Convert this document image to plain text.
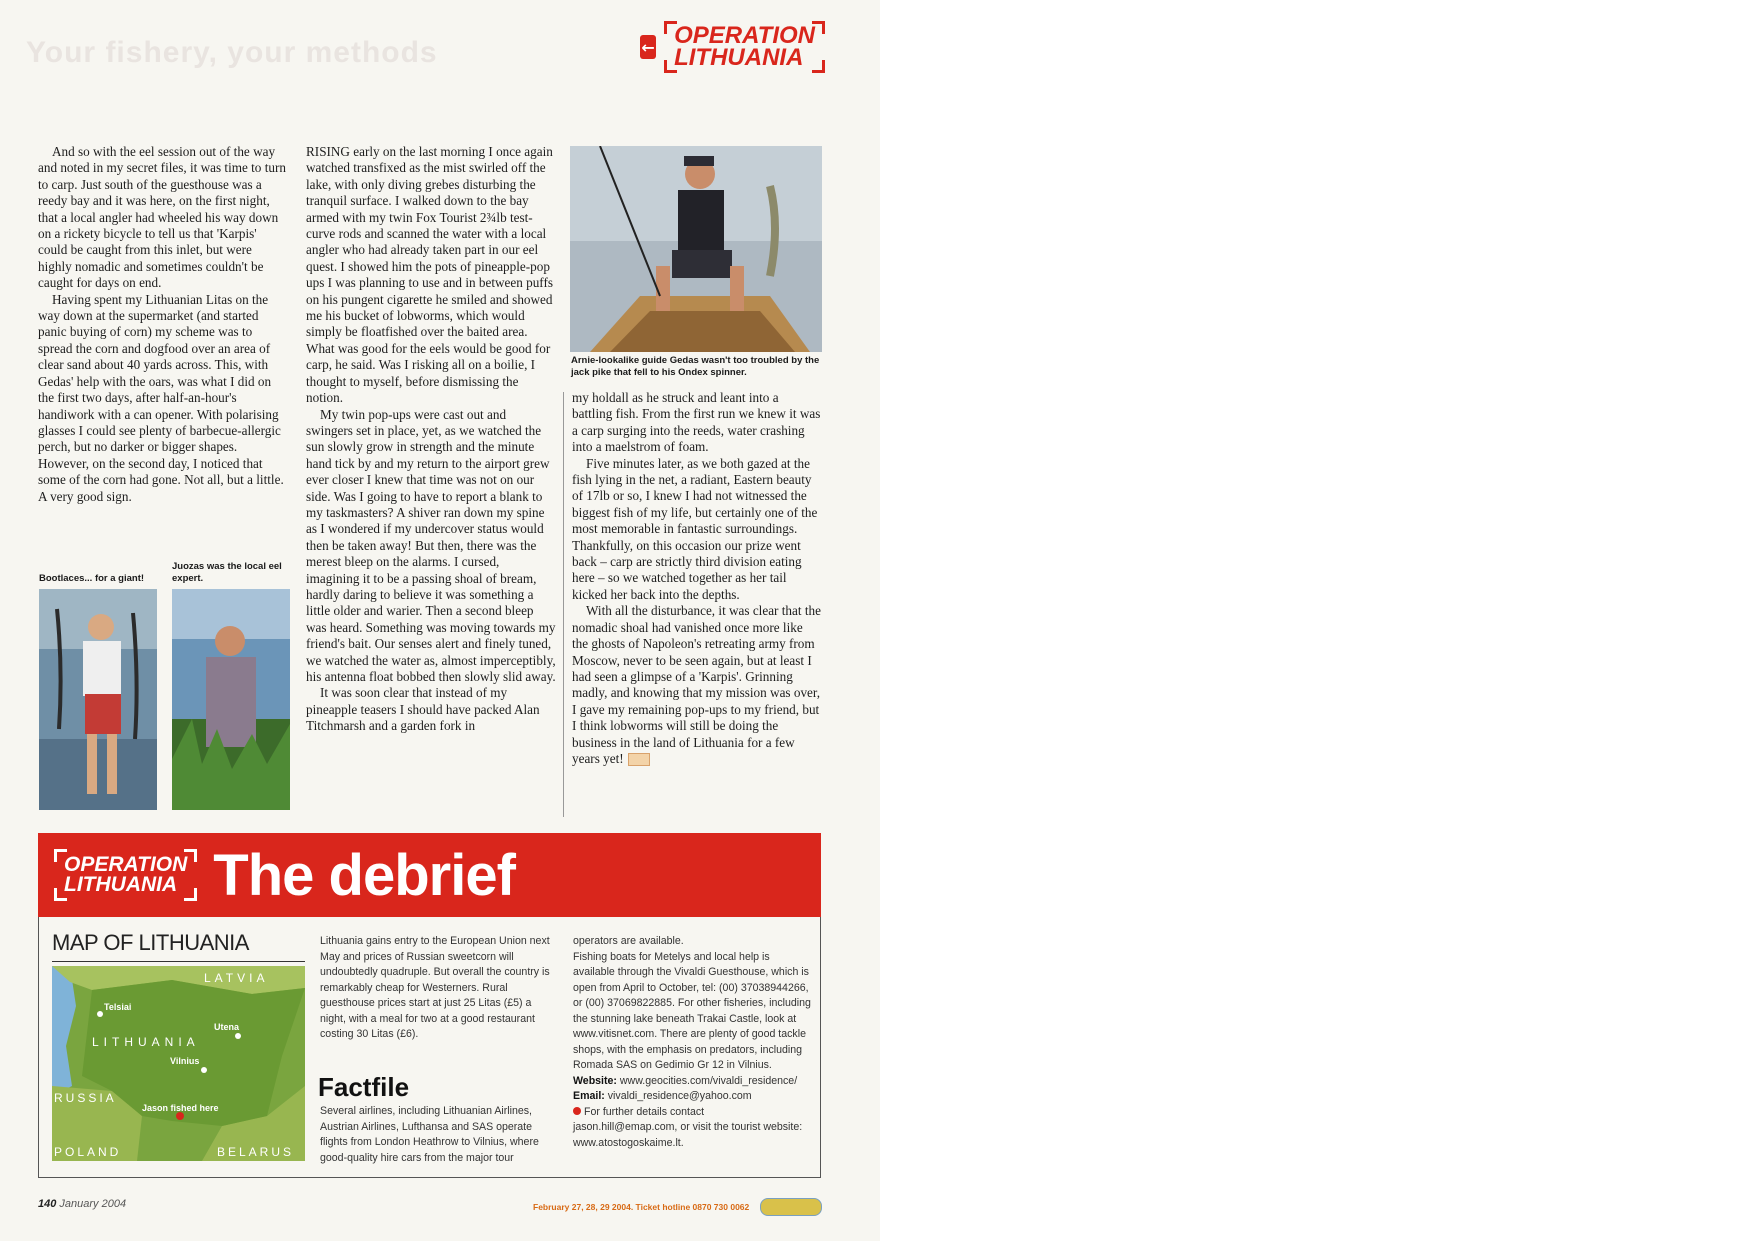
Your fishery, your methods	← OPERATION
LITHUANIA

And so with the eel session out of the way and noted in my secret files, it was time to turn to carp. Just south of the guesthouse was a reedy bay and it was here, on the first night, that a local angler had wheeled his way down on a rickety bicycle to tell us that 'Karpis' could be caught from this inlet, but were highly nomadic and sometimes couldn't be caught for days on end.

Having spent my Lithuanian Litas on the way down at the supermarket (and started panic buying of corn) my scheme was to spread the corn and dogfood over an area of clear sand about 40 yards across. This, with Gedas' help with the oars, was what I did on the first two days, after half-an-hour's handiwork with a can opener. With polarising glasses I could see plenty of barbecue-allergic perch, but no darker or bigger shapes. However, on the second day, I noticed that some of the corn had gone. Not all, but a little. A very good sign.

Bootlaces... for a giant!
Juozas was the local eel expert.

RISING early on the last morning I once again watched transfixed as the mist swirled off the lake, with only diving grebes disturbing the tranquil surface. I walked down to the bay armed with my twin Fox Tourist 2¾lb test-curve rods and scanned the water with a local angler who had already taken part in our eel quest. I showed him the pots of pineapple-pop ups I was planning to use and in between puffs on his pungent cigarette he smiled and showed me his bucket of lobworms, which would simply be floatfished over the baited area. What was good for the eels would be good for carp, he said. Was I risking all on a boilie, I thought to myself, before dismissing the notion.

My twin pop-ups were cast out and swingers set in place, yet, as we watched the sun slowly grow in strength and the minute hand tick by and my return to the airport grew ever closer I knew that time was not on our side. Was I going to have to report a blank to my taskmasters? A shiver ran down my spine as I wondered if my undercover status would then be taken away! But then, there was the merest bleep on the alarms. I cursed, imagining it to be a passing shoal of bream, hardly daring to believe it was something a little older and warier. Then a second bleep was heard. Something was moving towards my friend's bait. Our senses alert and finely tuned, we watched the water as, almost imperceptibly, his antenna float bobbed then slowly slid away.

It was soon clear that instead of my pineapple teasers I should have packed Alan Titchmarsh and a garden fork in

Arnie-lookalike guide Gedas wasn't too troubled by the jack pike that fell to his Ondex spinner.

my holdall as he struck and leant into a battling fish. From the first run we knew it was a carp surging into the reeds, water crashing into a maelstrom of foam.

Five minutes later, as we both gazed at the fish lying in the net, a radiant, Eastern beauty of 17lb or so, I knew I had not witnessed the biggest fish of my life, but certainly one of the most memorable in fantastic surroundings. Thankfully, on this occasion our prize went back – carp are strictly third division eating here – so we watched together as her tail kicked her back into the depths.

With all the disturbance, it was clear that the nomadic shoal had vanished once more like the ghosts of Napoleon's retreating army from Moscow, never to be seen again, but at least I had seen a glimpse of a 'Karpis'. Grinning madly, and knowing that my mission was over, I gave my remaining pop-ups to my friend, but I think lobworms will still be doing the business in the land of Lithuania for a few years yet!

OPERATION
LITHUANIA The debrief
MAP OF LITHUANIA
LATVIA
LITHUANIA
RUSSIA
POLAND	BELARUS
Telsiai
Utena
Vilnius
Jason fished here

Lithuania gains entry to the European Union next May and prices of Russian sweetcorn will undoubtedly quadruple. But overall the country is remarkably cheap for Westerners. Rural guesthouse prices start at just 25 Litas (£5) a night, with a meal for two at a good restaurant costing 30 Litas (£6).

Factfile

Several airlines, including Lithuanian Airlines, Austrian Airlines, Lufthansa and SAS operate flights from London Heathrow to Vilnius, where good-quality hire cars from the major tour

operators are available.

Fishing boats for Metelys and local help is available through the Vivaldi Guesthouse, which is open from April to October, tel: (00) 37038944266, or (00) 37069822885. For other fisheries, including the stunning lake beneath Trakai Castle, look at www.vitisnet.com. There are plenty of good tackle shops, with the emphasis on predators, including Romada SAS on Gedimio Gr 12 in Vilnius.

Website: www.geocities.com/vivaldi_residence/

Email: vivaldi_residence@yahoo.com

For further details contact jason.hill@emap.com, or visit the tourist website: www.atostogoskaime.lt.

140 January 2004	February 27, 28, 29 2004. Ticket hotline 0870 730 0062
